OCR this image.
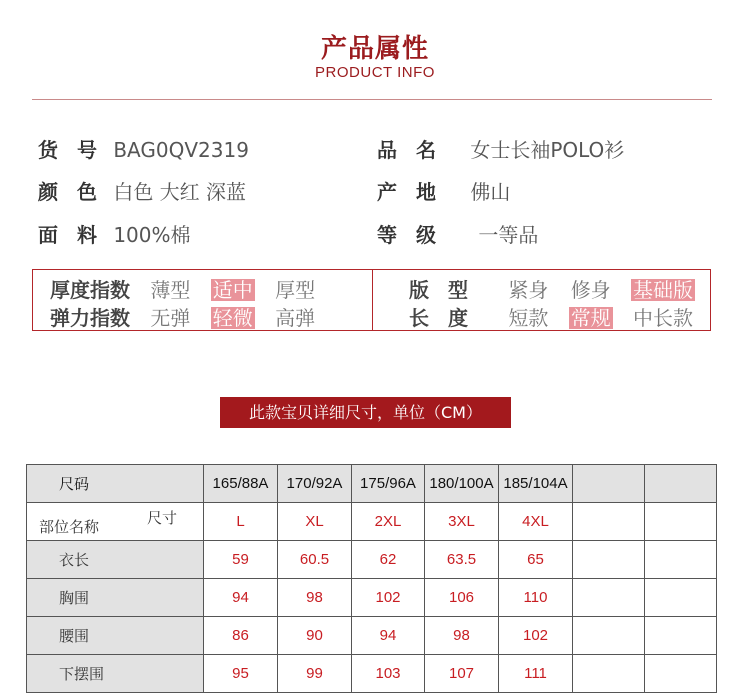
产品属性
PRODUCT INFO
货 号 BAG0QV2319	品 名 女士长袖POLO衫
颜 色 白色 大红 深蓝	产 地 佛山
面 料 100%棉	等 级 一等品
厚度指数 薄型 适中 厚型
弹力指数 无弹 轻微 高弹
版 型 紧身 修身 基础版
长 度 短款 常规 中长款
此款宝贝详细尺寸，单位（CM）
尺码	165/88A	170/92A	175/96A	180/100A	185/104A		

尺寸
部位名称	L	XL	2XL	3XL	4XL		
衣长	59	60.5	62	63.5	65		
胸围	94	98	102	106	110		
腰围	86	90	94	98	102		
下摆围	95	99	103	107	111		
